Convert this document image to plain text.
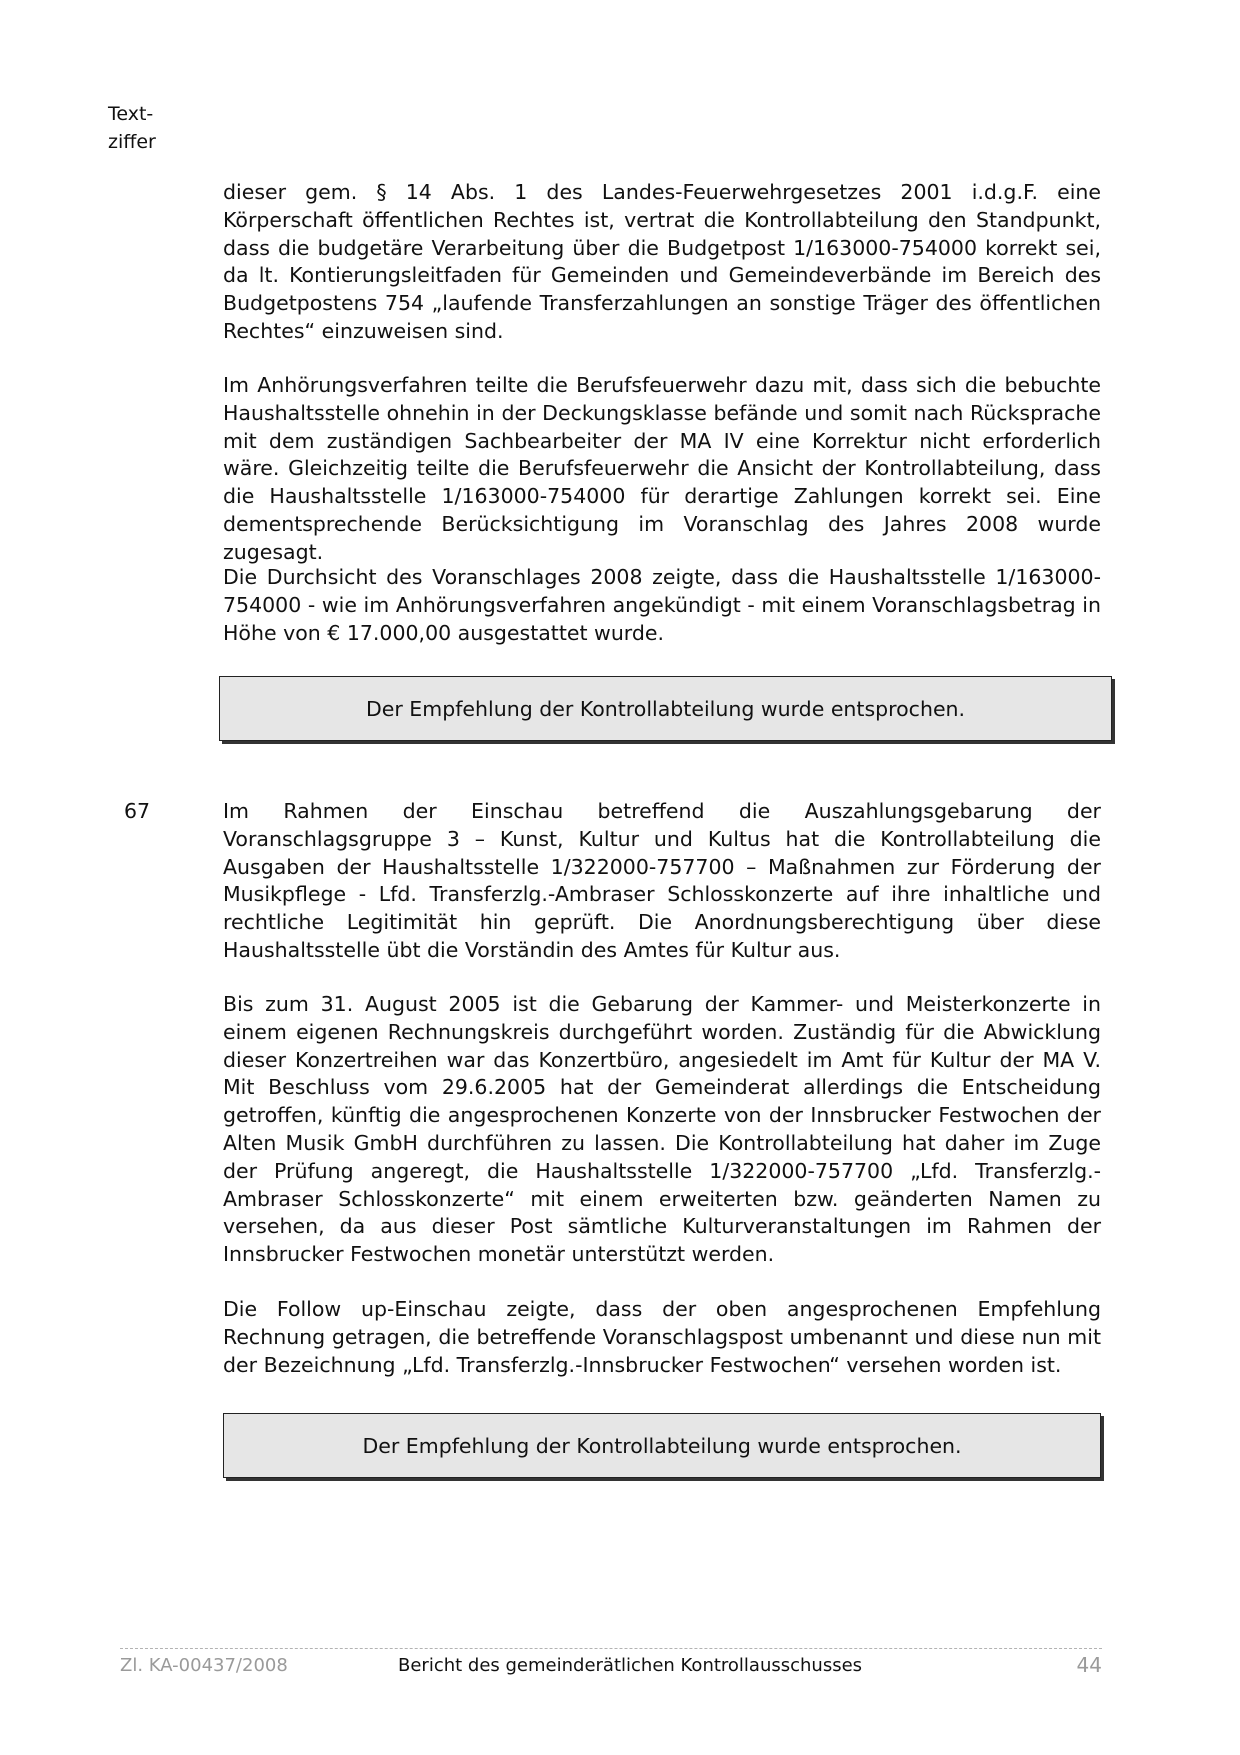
Text-
ziffer

dieser gem. § 14 Abs. 1 des Landes-Feuerwehrgesetzes 2001 i.d.g.F. eine Körperschaft öffentlichen Rechtes ist, vertrat die Kontrollabteilung den Standpunkt, dass die budgetäre Verarbeitung über die Budgetpost 1/163000-754000 korrekt sei, da lt. Kontierungsleitfaden für Gemeinden und Gemeindeverbände im Bereich des Budgetpostens 754 „laufende Transferzahlungen an sonstige Träger des öffentlichen Rechtes“ einzuweisen sind.

Im Anhörungsverfahren teilte die Berufsfeuerwehr dazu mit, dass sich die bebuchte Haushaltsstelle ohnehin in der Deckungsklasse befände und somit nach Rücksprache mit dem zuständigen Sachbearbeiter der MA IV eine Korrektur nicht erforderlich wäre. Gleichzeitig teilte die Berufsfeuerwehr die Ansicht der Kontrollabteilung, dass die Haushaltsstelle 1/163000-754000 für derartige Zahlungen korrekt sei. Eine dementsprechende Berücksichtigung im Voranschlag des Jahres 2008 wurde zugesagt.

Die Durchsicht des Voranschlages 2008 zeigte, dass die Haushaltsstelle 1/163000-754000 - wie im Anhörungsverfahren angekündigt - mit einem Voranschlagsbetrag in Höhe von € 17.000,00 ausgestattet wurde.

Der Empfehlung der Kontrollabteilung wurde entsprochen.
67	Im Rahmen der Einschau betreffend die Auszahlungsgebarung der Voranschlagsgruppe 3 – Kunst, Kultur und Kultus hat die Kontrollabteilung die Ausgaben der Haushaltsstelle 1/322000-757700 – Maßnahmen zur Förderung der Musikpflege - Lfd. Transferzlg.-Ambraser Schlosskonzerte auf ihre inhaltliche und rechtliche Legitimität hin geprüft. Die Anordnungsberechtigung über diese Haushaltsstelle übt die Vorständin des Amtes für Kultur aus.

Bis zum 31. August 2005 ist die Gebarung der Kammer- und Meisterkonzerte in einem eigenen Rechnungskreis durchgeführt worden. Zuständig für die Abwicklung dieser Konzertreihen war das Konzertbüro, angesiedelt im Amt für Kultur der MA V. Mit Beschluss vom 29.6.2005 hat der Gemeinderat allerdings die Entscheidung getroffen, künftig die angesprochenen Konzerte von der Innsbrucker Festwochen der Alten Musik GmbH durchführen zu lassen. Die Kontrollabteilung hat daher im Zuge der Prüfung angeregt, die Haushaltsstelle 1/322000-757700 „Lfd. Transferzlg.-Ambraser Schlosskonzerte“ mit einem erweiterten bzw. geänderten Namen zu versehen, da aus dieser Post sämtliche Kulturveranstaltungen im Rahmen der Innsbrucker Festwochen monetär unterstützt werden.

Die Follow up-Einschau zeigte, dass der oben angesprochenen Empfehlung Rechnung getragen, die betreffende Voranschlagspost umbenannt und diese nun mit der Bezeichnung „Lfd. Transferzlg.-Innsbrucker Festwochen“ versehen worden ist.

Der Empfehlung der Kontrollabteilung wurde entsprochen.
Zl. KA-00437/2008	Bericht des gemeinderätlichen Kontrollausschusses	44
